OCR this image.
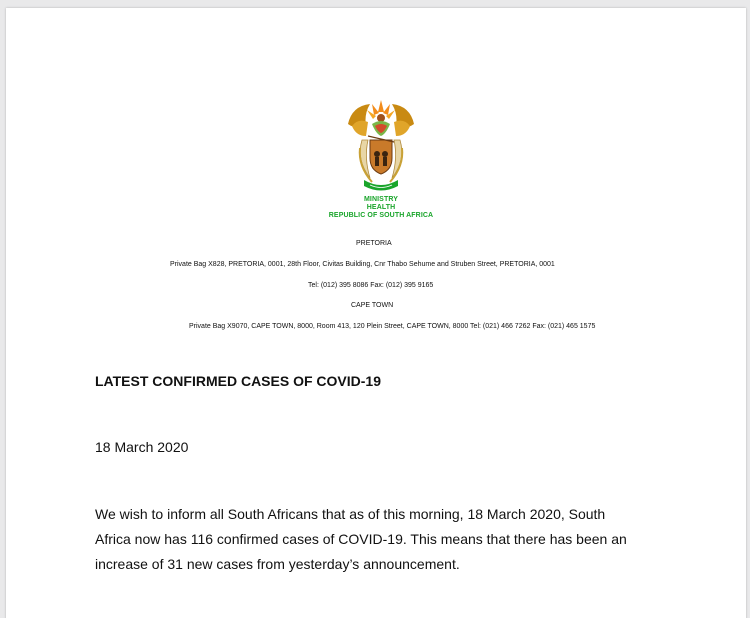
MINISTRY
HEALTH
REPUBLIC OF SOUTH AFRICA
PRETORIA
Private Bag X828, PRETORIA, 0001, 28th Floor, Civitas Building, Cnr Thabo Sehume and Struben Street, PRETORIA, 0001
Tel: (012) 395 8086 Fax: (012) 395 9165
CAPE TOWN
Private Bag X9070, CAPE TOWN, 8000, Room 413, 120 Plein Street, CAPE TOWN, 8000 Tel: (021) 466 7262 Fax: (021) 465 1575
LATEST CONFIRMED CASES OF COVID-19
18 March 2020
We wish to inform all South Africans that as of this morning, 18 March 2020, South
Africa now has 116 confirmed cases of COVID-19. This means that there has been an
increase of 31 new cases from yesterday’s announcement.
